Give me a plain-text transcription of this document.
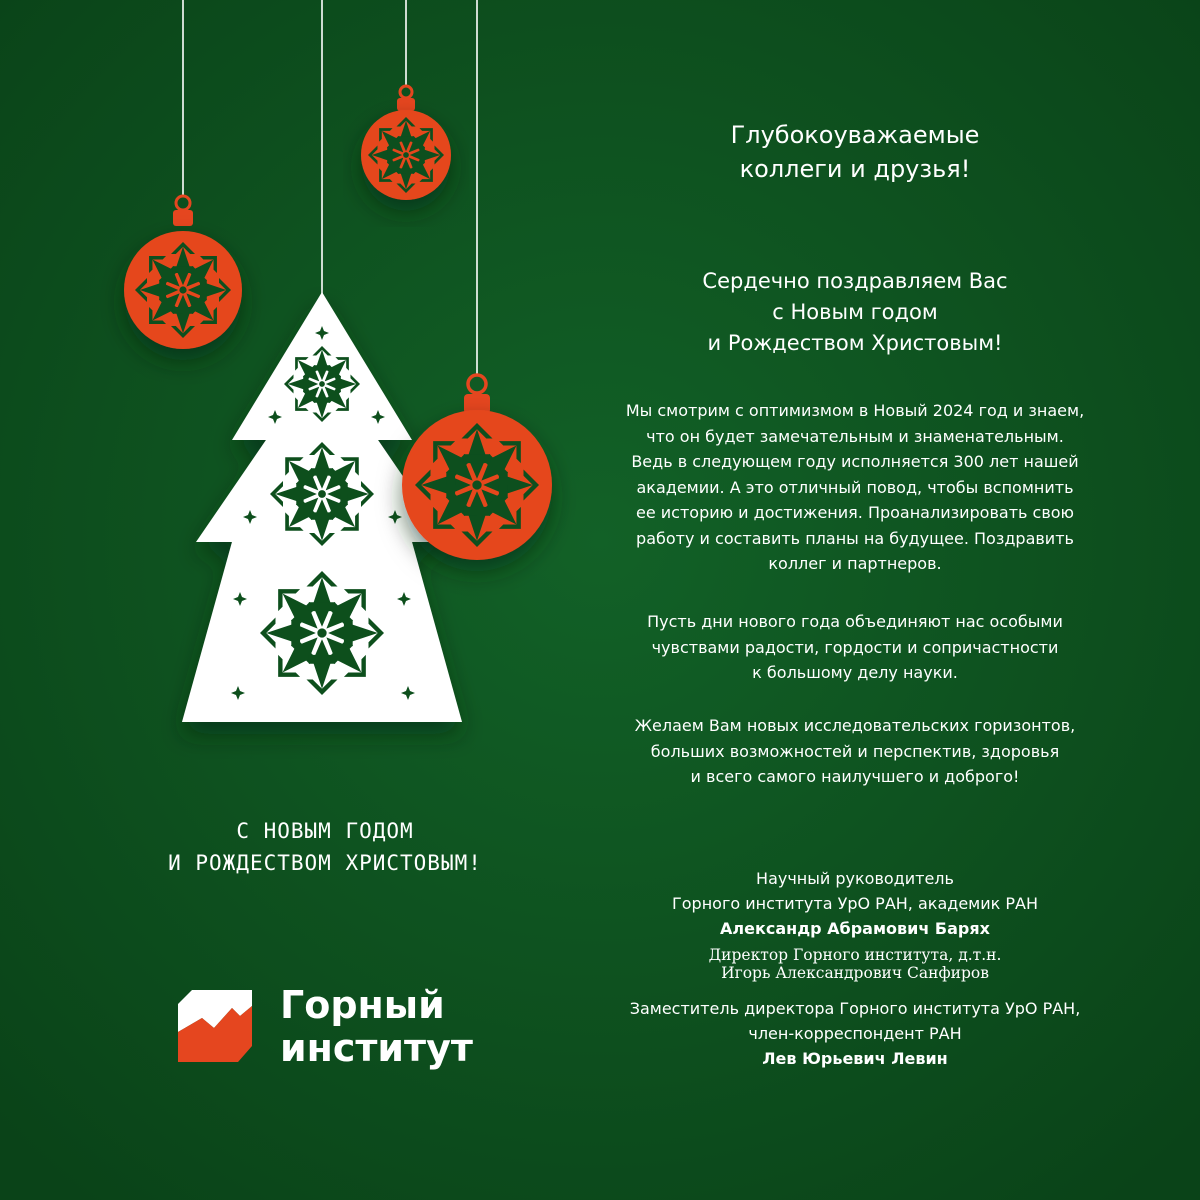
Глубокоуважаемые
коллеги и друзья!
Сердечно поздравляем Вас
с Новым годом
и Рождеством Христовым!
Мы смотрим с оптимизмом в Новый 2024 год и знаем,
что он будет замечательным и знаменательным.
Ведь в следующем году исполняется 300 лет нашей
академии. А это отличный повод, чтобы вспомнить
ее историю и достижения. Проанализировать свою
работу и составить планы на будущее. Поздравить
коллег и партнеров.
Пусть дни нового года объединяют нас особыми
чувствами радости, гордости и сопричастности
к большому делу науки.
Желаем Вам новых исследовательских горизонтов,
больших возможностей и перспектив, здоровья
и всего самого наилучшего и доброго!
Научный руководитель
Горного института УрО РАН, академик РАН
Александр Абрамович Барях
Директор Горного института, д.т.н.
Игорь Александрович Санфиров
Заместитель директора Горного института УрО РАН,
член-корреспондент РАН
Лев Юрьевич Левин
С НОВЫМ ГОДОМ
И РОЖДЕСТВОМ ХРИСТОВЫМ!
Горный
институт
